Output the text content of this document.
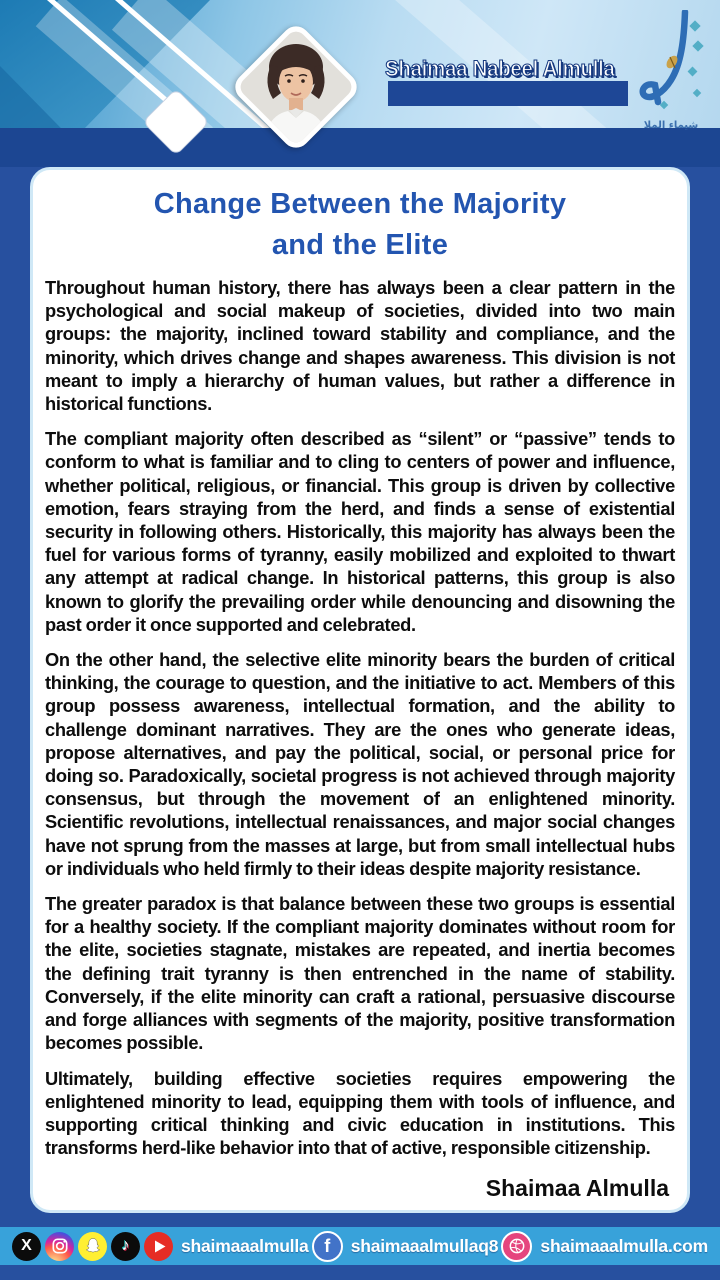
Shaimaa Nabeel Almulla
شيماء الملا
Change Between the Majority
and the Elite

Throughout human history, there has always been a clear pattern in the psychological and social makeup of societies, divided into two main groups: the majority, inclined toward stability and compliance, and the minority, which drives change and shapes awareness. This division is not meant to imply a hierarchy of human values, but rather a difference in historical functions.

The compliant majority often described as “silent” or “passive” tends to conform to what is familiar and to cling to centers of power and influence, whether political, religious, or financial. This group is driven by collective emotion, fears straying from the herd, and finds a sense of existential security in following others. Historically, this majority has always been the fuel for various forms of tyranny, easily mobilized and exploited to thwart any attempt at radical change. In historical patterns, this group is also known to glorify the prevailing order while denouncing and disowning the past order it once supported and celebrated.

On the other hand, the selective elite minority bears the burden of critical thinking, the courage to question, and the initiative to act. Members of this group possess awareness, intellectual formation, and the ability to challenge dominant narratives. They are the ones who generate ideas, propose alternatives, and pay the political, social, or personal price for doing so. Paradoxically, societal progress is not achieved through majority consensus, but through the movement of an enlightened minority. Scientific revolutions, intellectual renaissances, and major social changes have not sprung from the masses at large, but from small intellectual hubs or individuals who held firmly to their ideas despite majority resistance.

The greater paradox is that balance between these two groups is essential for a healthy society. If the compliant majority dominates without room for the elite, societies stagnate, mistakes are repeated, and inertia becomes the defining trait tyranny is then entrenched in the name of stability. Conversely, if the elite minority can craft a rational, persuasive discourse and forge alliances with segments of the majority, positive transformation becomes possible.

Ultimately, building effective societies requires empowering the enlightened minority to lead, equipping them with tools of influence, and supporting critical thinking and civic education in institutions. This transforms herd-like behavior into that of active, responsible citizenship.

Shaimaa Almulla
X	♪	shaimaaalmulla f shaimaaalmullaq8 shaimaaalmulla.com
